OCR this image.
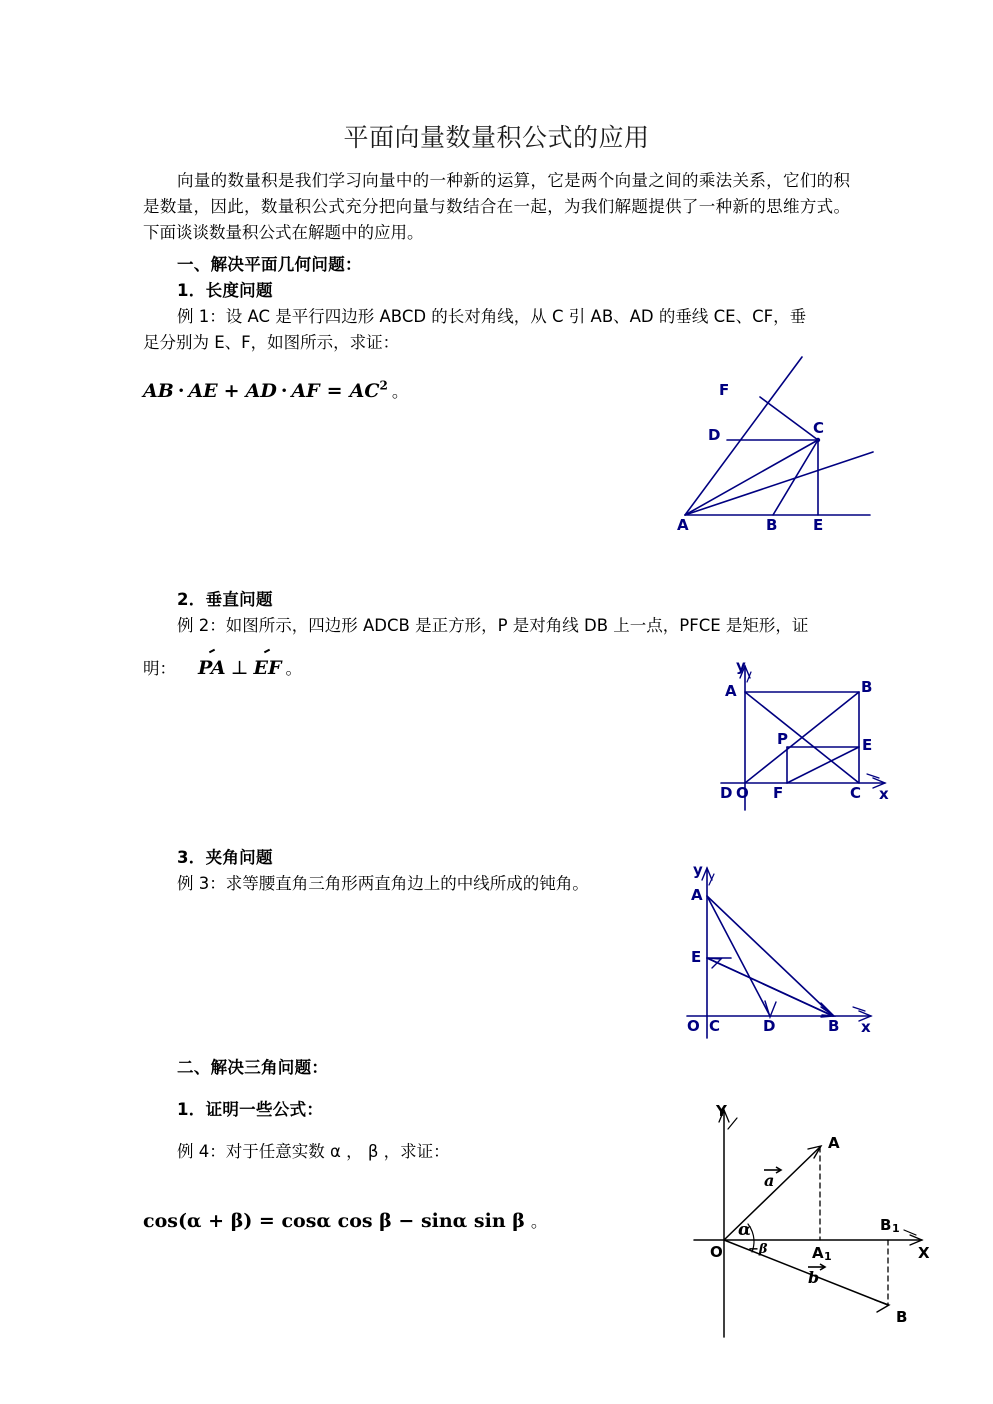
平面向量数量积公式的应用
向量的数量积是我们学习向量中的一种新的运算，它是两个向量之间的乘法关系，它们的积是数量，因此，数量积公式充分把向量与数结合在一起，为我们解题提供了一种新的思维方式。下面谈谈数量积公式在解题中的应用。
一、解决平面几何问题：
1．长度问题
例 1：设 AC 是平行四边形 ABCD 的长对角线，从 C 引 AB、AD 的垂线 CE、CF，垂
足分别为 E、F，如图所示，求证：
AB · AE + AD · AF = $AC^2$ 。	F
C
D
A	B E
2．垂直问题
例 2：如图所示，四边形 ADCB 是正方形，P 是对角线 DB 上一点，PFCE 是矩形，证
明： PA ⊥ EF 。	y
A	B
P	E
D O F	C x
3．夹角问题
例 3：求等腰直角三角形两直角边上的中线所成的钝角。
y
A
E
O C	D	B x
二、解决三角问题：
1．证明一些公式：
例 4：对于任意实数 α ， β ，求证：
cos(α + β) = cosα cos β − sinα sin β 。
Y
A
a
α
−β
O	A 1
B 1
X
b
B
